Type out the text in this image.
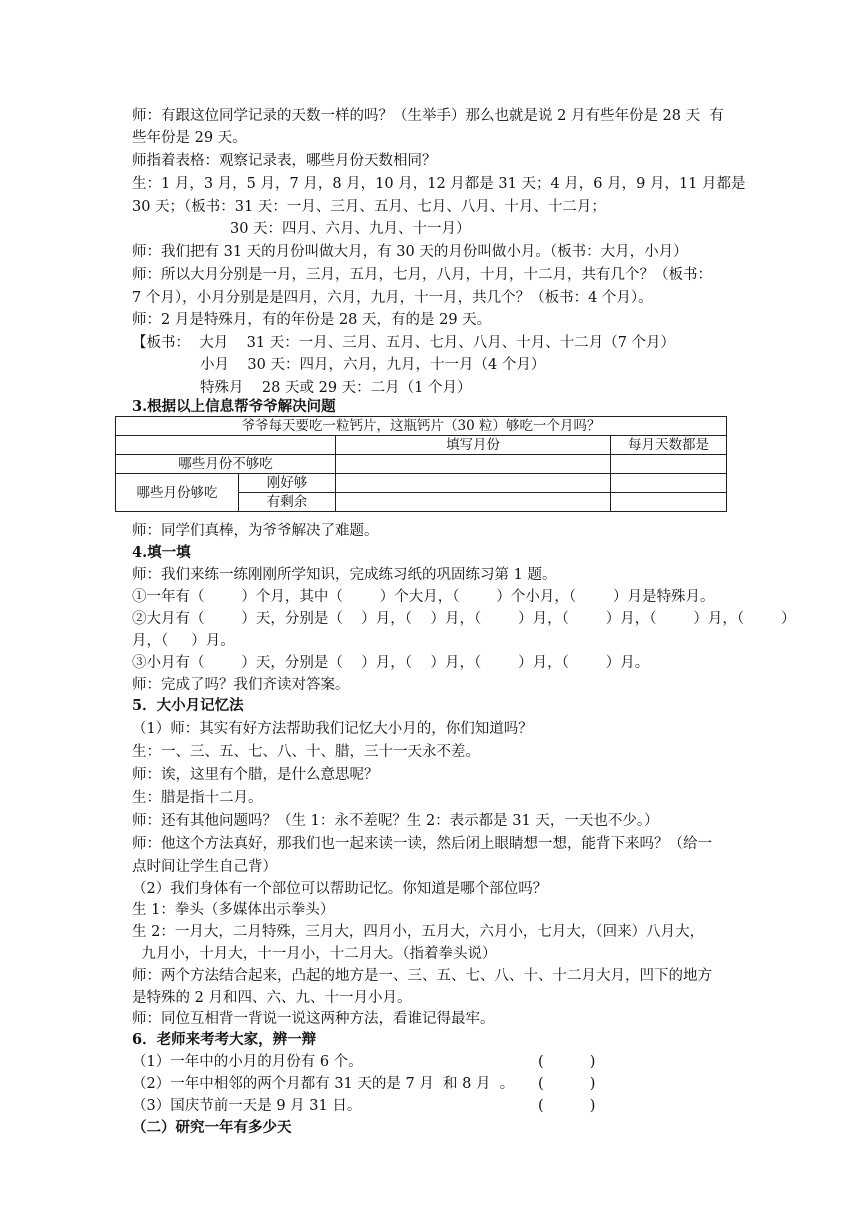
师：有跟这位同学记录的天数一样的吗？（生举手）那么也就是说 2 月有些年份是 28 天  有
些年份是 29 天。
师指着表格：观察记录表，哪些月份天数相同？
生：1 月，3 月，5 月，7 月，8 月，10 月，12 月都是 31 天；4 月，6 月，9 月，11 月都是
30 天；（板书：31 天：一月、三月、五月、七月、八月、十月、十二月；
30 天：四月、六月、九月、十一月）
师：我们把有 31 天的月份叫做大月，有 30 天的月份叫做小月。（板书：大月，小月）
师：所以大月分别是一月，三月，五月，七月，八月，十月，十二月，共有几个？（板书：
7 个月），小月分别是是四月，六月，九月，十一月，共几个？（板书：4 个月）。
师：2 月是特殊月，有的年份是 28 天，有的是 29 天。
【板书：  大月    31 天：一月、三月、五月、七月、八月、十月、十二月（7 个月）
小月    30 天：四月，六月，九月，十一月（4 个月）
特殊月    28 天或 29 天：二月（1 个月）
3.根据以上信息帮爷爷解决问题
爷爷每天要吃一粒钙片，这瓶钙片（30 粒）够吃一个月吗？			
		填写月份	每月天数都是
哪些月份不够吃			
哪些月份够吃	刚好够		
	有剩余		
师：同学们真棒，为爷爷解决了难题。
4.填一填
师：我们来练一练刚刚所学知识，完成练习纸的巩固练习第 1 题。
①一年有（        ）个月，其中（        ）个大月，（        ）个小月，（        ）月是特殊月。
②大月有（        ）天，分别是（    ）月，（    ）月，（        ）月，（        ）月，（        ）月，（        ）
月，（     ）月。
③小月有（        ）天，分别是（    ）月，（    ）月，（        ）月，（        ）月。
师：完成了吗？我们齐读对答案。
5．大小月记忆法
（1）师：其实有好方法帮助我们记忆大小月的，你们知道吗？
生：一、三、五、七、八、十、腊，三十一天永不差。
师：诶，这里有个腊，是什么意思呢？
生：腊是指十二月。
师：还有其他问题吗？（生 1：永不差呢？生 2：表示都是 31 天，一天也不少。）
师：他这个方法真好，那我们也一起来读一读，然后闭上眼睛想一想，能背下来吗？（给一
点时间让学生自己背）
（2）我们身体有一个部位可以帮助记忆。你知道是哪个部位吗？
生 1：拳头（多媒体出示拳头）
生 2：一月大，二月特殊，三月大，四月小，五月大，六月小，七月大，（回来）八月大，
九月小，十月大，十一月小，十二月大。（指着拳头说）
师：两个方法结合起来，凸起的地方是一、三、五、七、八、十、十二月大月，凹下的地方
是特殊的 2 月和四、六、九、十一月小月。
师：同位互相背一背说一说这两种方法，看谁记得最牢。
6．老师来考考大家，辨一辩
（1）一年中的小月的月份有 6 个。	(          )
（2）一年中相邻的两个月都有 31 天的是 7 月  和 8 月  。 (          )
（3）国庆节前一天是 9 月 31 日。	(          )
（二）研究一年有多少天
